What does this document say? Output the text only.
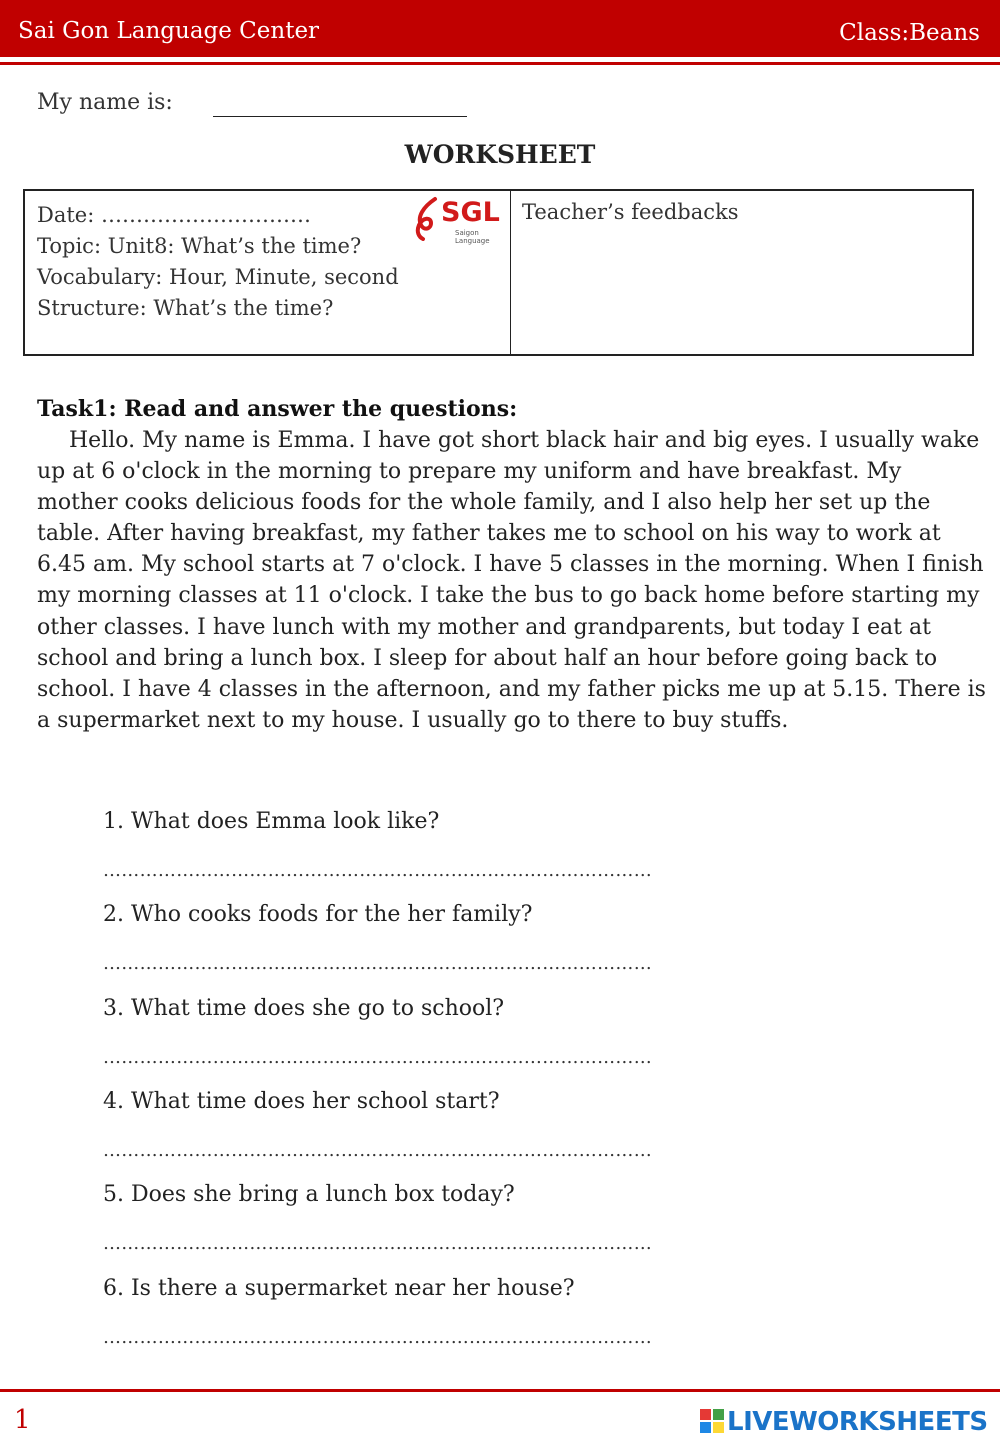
Sai Gon Language Center	Class:Beans
My name is:
WORKSHEET
Date: …………………………
Topic: Unit8: What’s the time?
Vocabulary: Hour, Minute, second
Structure: What’s the time?
SGL
Saigon Language
Teacher’s feedbacks
Task1: Read and answer the questions:

Hello. My name is Emma. I have got short black hair and big eyes. I usually wake up at 6 o'clock in the morning to prepare my uniform and have breakfast. My mother cooks delicious foods for the whole family, and I also help her set up the table. After having breakfast, my father takes me to school on his way to work at 6.45 am. My school starts at 7 o'clock. I have 5 classes in the morning. When I finish my morning classes at 11 o'clock. I take the bus to go back home before starting my other classes. I have lunch with my mother and grandparents, but today I eat at school and bring a lunch box. I sleep for about half an hour before going back to school. I have 4 classes in the afternoon, and my father picks me up at 5.15. There is a supermarket next to my house. I usually go to there to buy stuffs.

1. What does Emma look like?
………………………………………………………………………………
2. Who cooks foods for the her family?
………………………………………………………………………………
3. What time does she go to school?
………………………………………………………………………………
4. What time does her school start?
………………………………………………………………………………
5. Does she bring a lunch box today?
………………………………………………………………………………
6. Is there a supermarket near her house?
………………………………………………………………………………
1	LIVEWORKSHEETS
